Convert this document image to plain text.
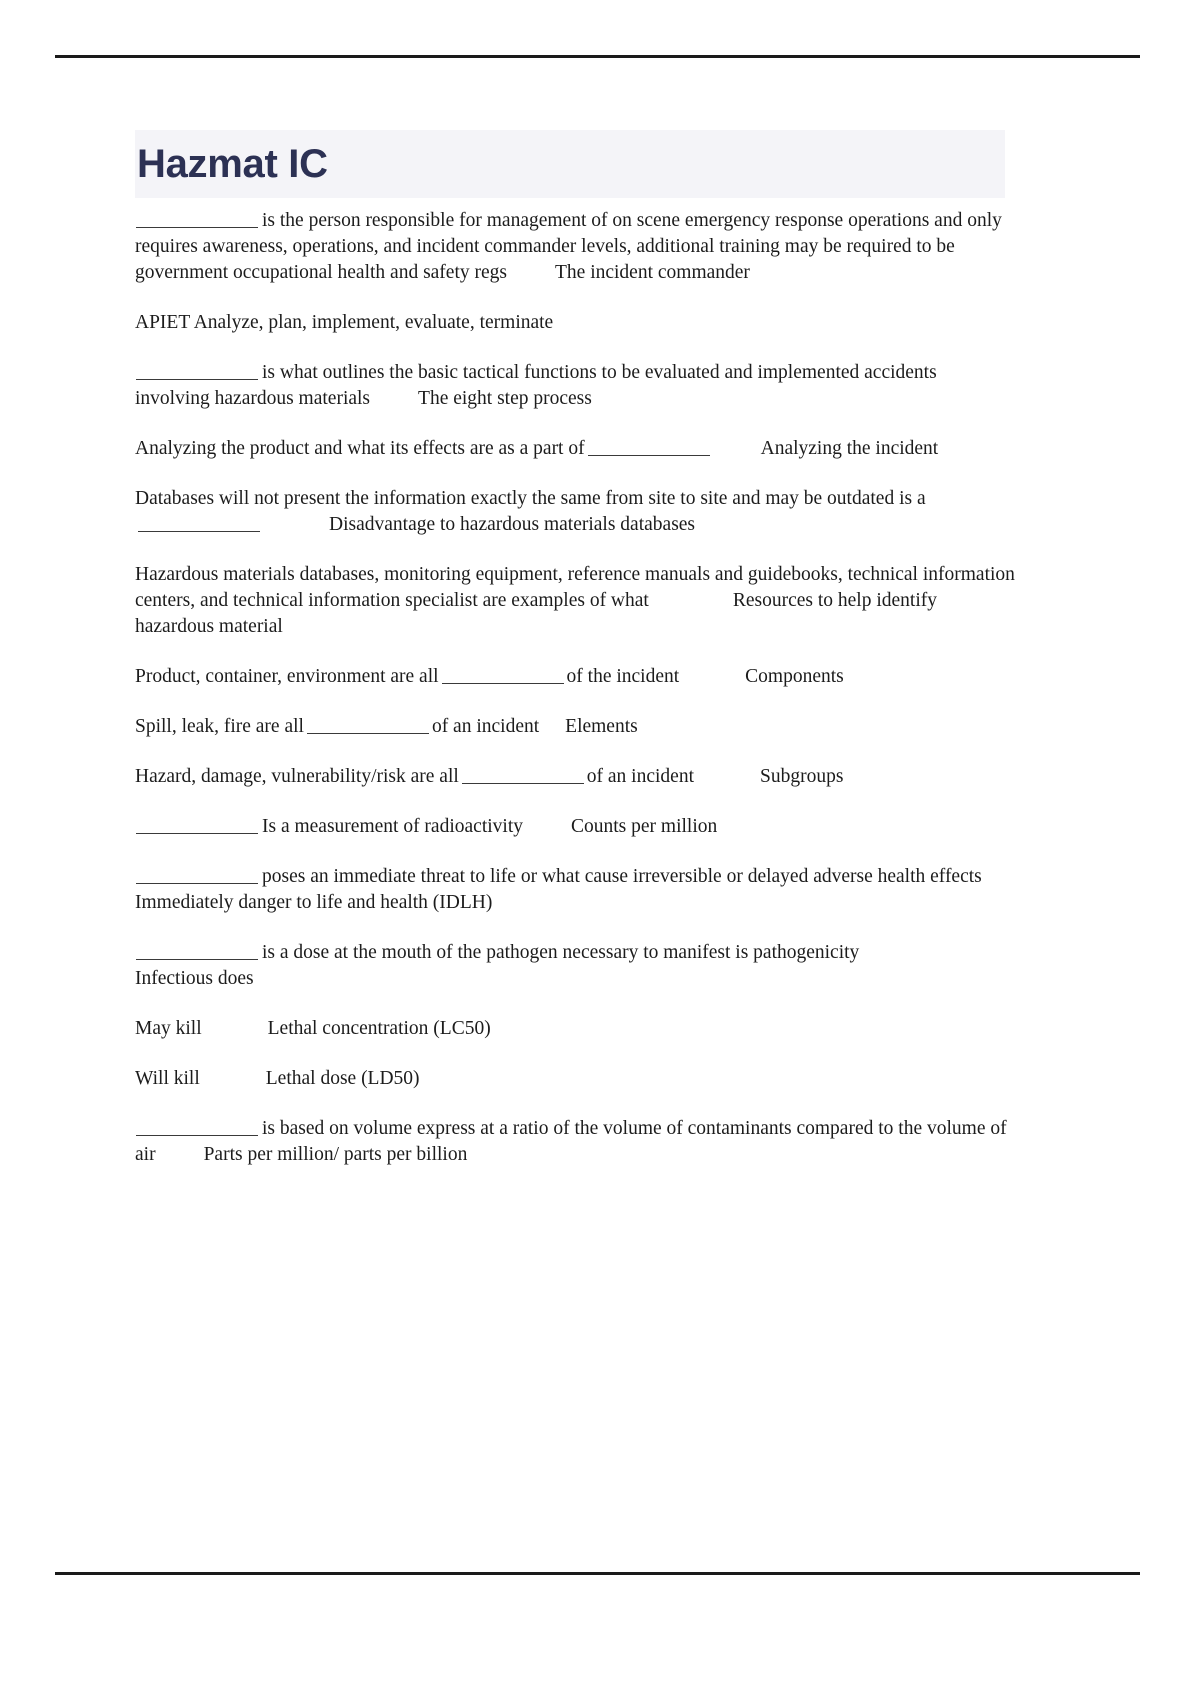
Hazmat IC

is the person responsible for management of on scene emergency response operations and only requires awareness, operations, and incident commander levels, additional training may be required to be government occupational health and safety regs The incident commander

APIET Analyze, plan, implement, evaluate, terminate

is what outlines the basic tactical functions to be evaluated and implemented accidents involving hazardous materials The eight step process

Analyzing the product and what its effects are as a part of	Analyzing the incident

Databases will not present the information exactly the same from site to site and may be outdated is aDisadvantage to hazardous materials databases

Hazardous materials databases, monitoring equipment, reference manuals and guidebooks, technical information centers, and technical information specialist are examples of what	Resources to help identify hazardous material

Product, container, environment are all	of the incident	Components

Spill, leak, fire are all	of an incident Elements

Hazard, damage, vulnerability/risk are all	of an incident	Subgroups

Is a measurement of radioactivity Counts per million

poses an immediate threat to life or what cause irreversible or delayed adverse health effectsImmediately danger to life and health (IDLH)

is a dose at the mouth of the pathogen necessary to manifest is pathogenicityInfectious does

May kill	Lethal concentration (LC50)

Will kill	Lethal dose (LD50)

is based on volume express at a ratio of the volume of contaminants compared to the volume of air Parts per million/ parts per billion
